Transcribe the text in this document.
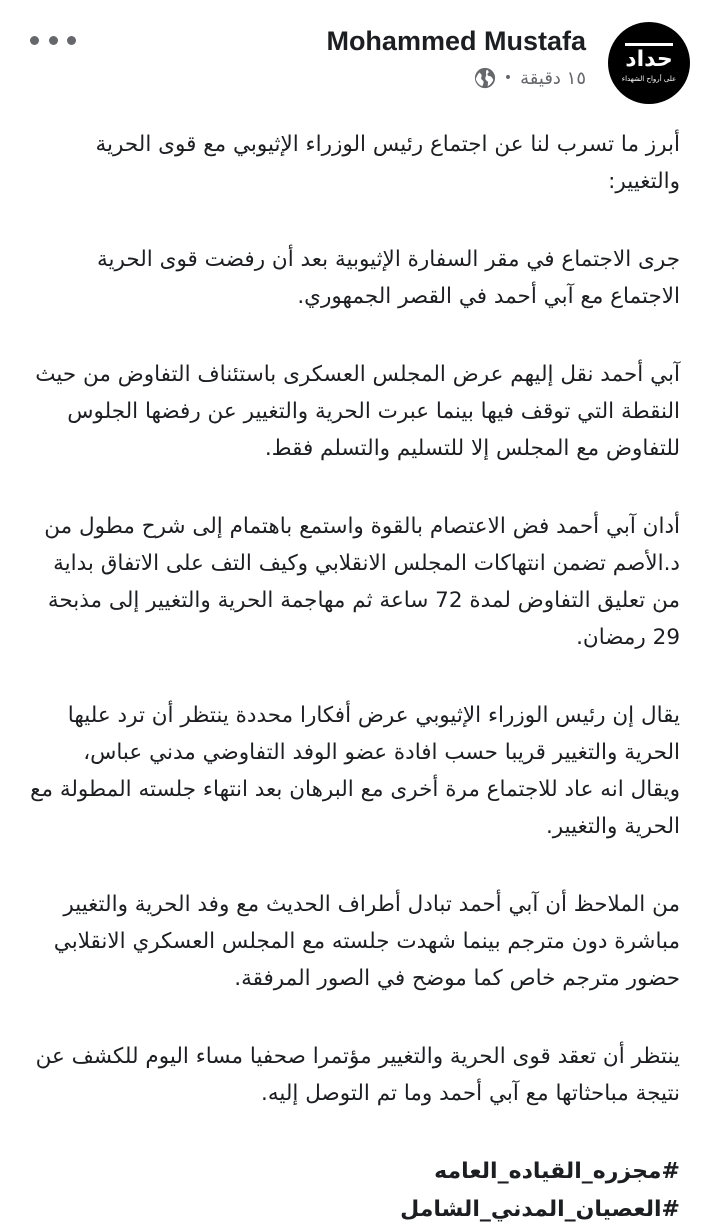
Mohammed Mustafa
١٥ دقيقة
•
حداد
على أرواح الشهداء

أبرز ما تسرب لنا عن اجتماع رئيس الوزراء الإثيوبي مع قوى الحرية والتغيير:

جرى الاجتماع في مقر السفارة الإثيوبية بعد أن رفضت قوى الحرية الاجتماع مع آبي أحمد في القصر الجمهوري.

آبي أحمد نقل إليهم عرض المجلس العسكرى باستئناف التفاوض من حيث النقطة التي توقف فيها بينما عبرت الحرية والتغيير عن رفضها الجلوس للتفاوض مع المجلس إلا للتسليم والتسلم فقط.

أدان آبي أحمد فض الاعتصام بالقوة واستمع باهتمام إلى شرح مطول من د.الأصم تضمن انتهاكات المجلس الانقلابي وكيف التف على الاتفاق بداية من تعليق التفاوض لمدة 72 ساعة ثم مهاجمة الحرية والتغيير إلى مذبحة 29 رمضان.

يقال إن رئيس الوزراء الإثيوبي عرض أفكارا محددة ينتظر أن ترد عليها الحرية والتغيير قريبا حسب افادة عضو الوفد التفاوضي مدني عباس، ويقال انه عاد للاجتماع مرة أخرى مع البرهان بعد انتهاء جلسته المطولة مع الحرية والتغيير.

من الملاحظ أن آبي أحمد تبادل أطراف الحديث مع وفد الحرية والتغيير مباشرة دون مترجم بينما شهدت جلسته مع المجلس العسكري الانقلابي حضور مترجم خاص كما موضح في الصور المرفقة.

ينتظر أن تعقد قوى الحرية والتغيير مؤتمرا صحفيا مساء اليوم للكشف عن نتيجة مباحثاتها مع آبي أحمد وما تم التوصل إليه.

#مجزره_القياده_العامه
#العصيان_المدني_الشامل
